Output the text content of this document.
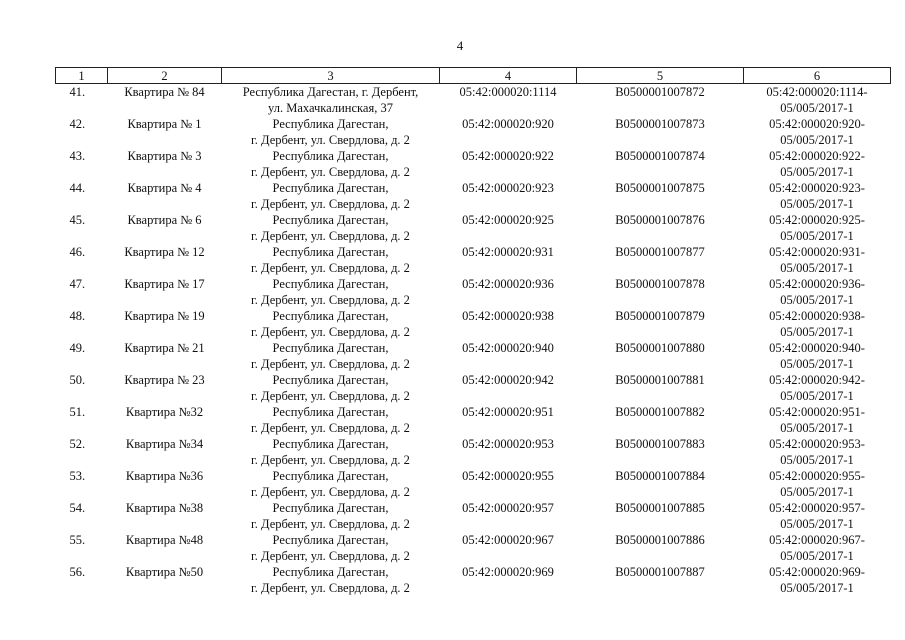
4
1	2	3	4	5	6

41.	Квартира № 84	Республика Дагестан, г. Дербент,
ул. Махачкалинская, 37	05:42:000020:1114	В0500001007872	05:42:000020:1114-
05/005/2017-1

42.	Квартира № 1	Республика Дагестан,
г. Дербент, ул. Свердлова, д. 2	05:42:000020:920	В0500001007873	05:42:000020:920-
05/005/2017-1

43.	Квартира № 3	Республика Дагестан,
г. Дербент, ул. Свердлова, д. 2	05:42:000020:922	В0500001007874	05:42:000020:922-
05/005/2017-1

44.	Квартира № 4	Республика Дагестан,
г. Дербент, ул. Свердлова, д. 2	05:42:000020:923	В0500001007875	05:42:000020:923-
05/005/2017-1

45.	Квартира № 6	Республика Дагестан,
г. Дербент, ул. Свердлова, д. 2	05:42:000020:925	В0500001007876	05:42:000020:925-
05/005/2017-1

46.	Квартира № 12	Республика Дагестан,
г. Дербент, ул. Свердлова, д. 2	05:42:000020:931	В0500001007877	05:42:000020:931-
05/005/2017-1

47.	Квартира № 17	Республика Дагестан,
г. Дербент, ул. Свердлова, д. 2	05:42:000020:936	В0500001007878	05:42:000020:936-
05/005/2017-1

48.	Квартира № 19	Республика Дагестан,
г. Дербент, ул. Свердлова, д. 2	05:42:000020:938	В0500001007879	05:42:000020:938-
05/005/2017-1

49.	Квартира № 21	Республика Дагестан,
г. Дербент, ул. Свердлова, д. 2	05:42:000020:940	В0500001007880	05:42:000020:940-
05/005/2017-1

50.	Квартира № 23	Республика Дагестан,
г. Дербент, ул. Свердлова, д. 2	05:42:000020:942	В0500001007881	05:42:000020:942-
05/005/2017-1

51.	Квартира №32	Республика Дагестан,
г. Дербент, ул. Свердлова, д. 2	05:42:000020:951	В0500001007882	05:42:000020:951-
05/005/2017-1

52.	Квартира №34	Республика Дагестан,
г. Дербент, ул. Свердлова, д. 2	05:42:000020:953	В0500001007883	05:42:000020:953-
05/005/2017-1

53.	Квартира №36	Республика Дагестан,
г. Дербент, ул. Свердлова, д. 2	05:42:000020:955	В0500001007884	05:42:000020:955-
05/005/2017-1

54.	Квартира №38	Республика Дагестан,
г. Дербент, ул. Свердлова, д. 2	05:42:000020:957	В0500001007885	05:42:000020:957-
05/005/2017-1

55.	Квартира №48	Республика Дагестан,
г. Дербент, ул. Свердлова, д. 2	05:42:000020:967	В0500001007886	05:42:000020:967-
05/005/2017-1

56.	Квартира №50	Республика Дагестан,
г. Дербент, ул. Свердлова, д. 2	05:42:000020:969	В0500001007887	05:42:000020:969-
05/005/2017-1
